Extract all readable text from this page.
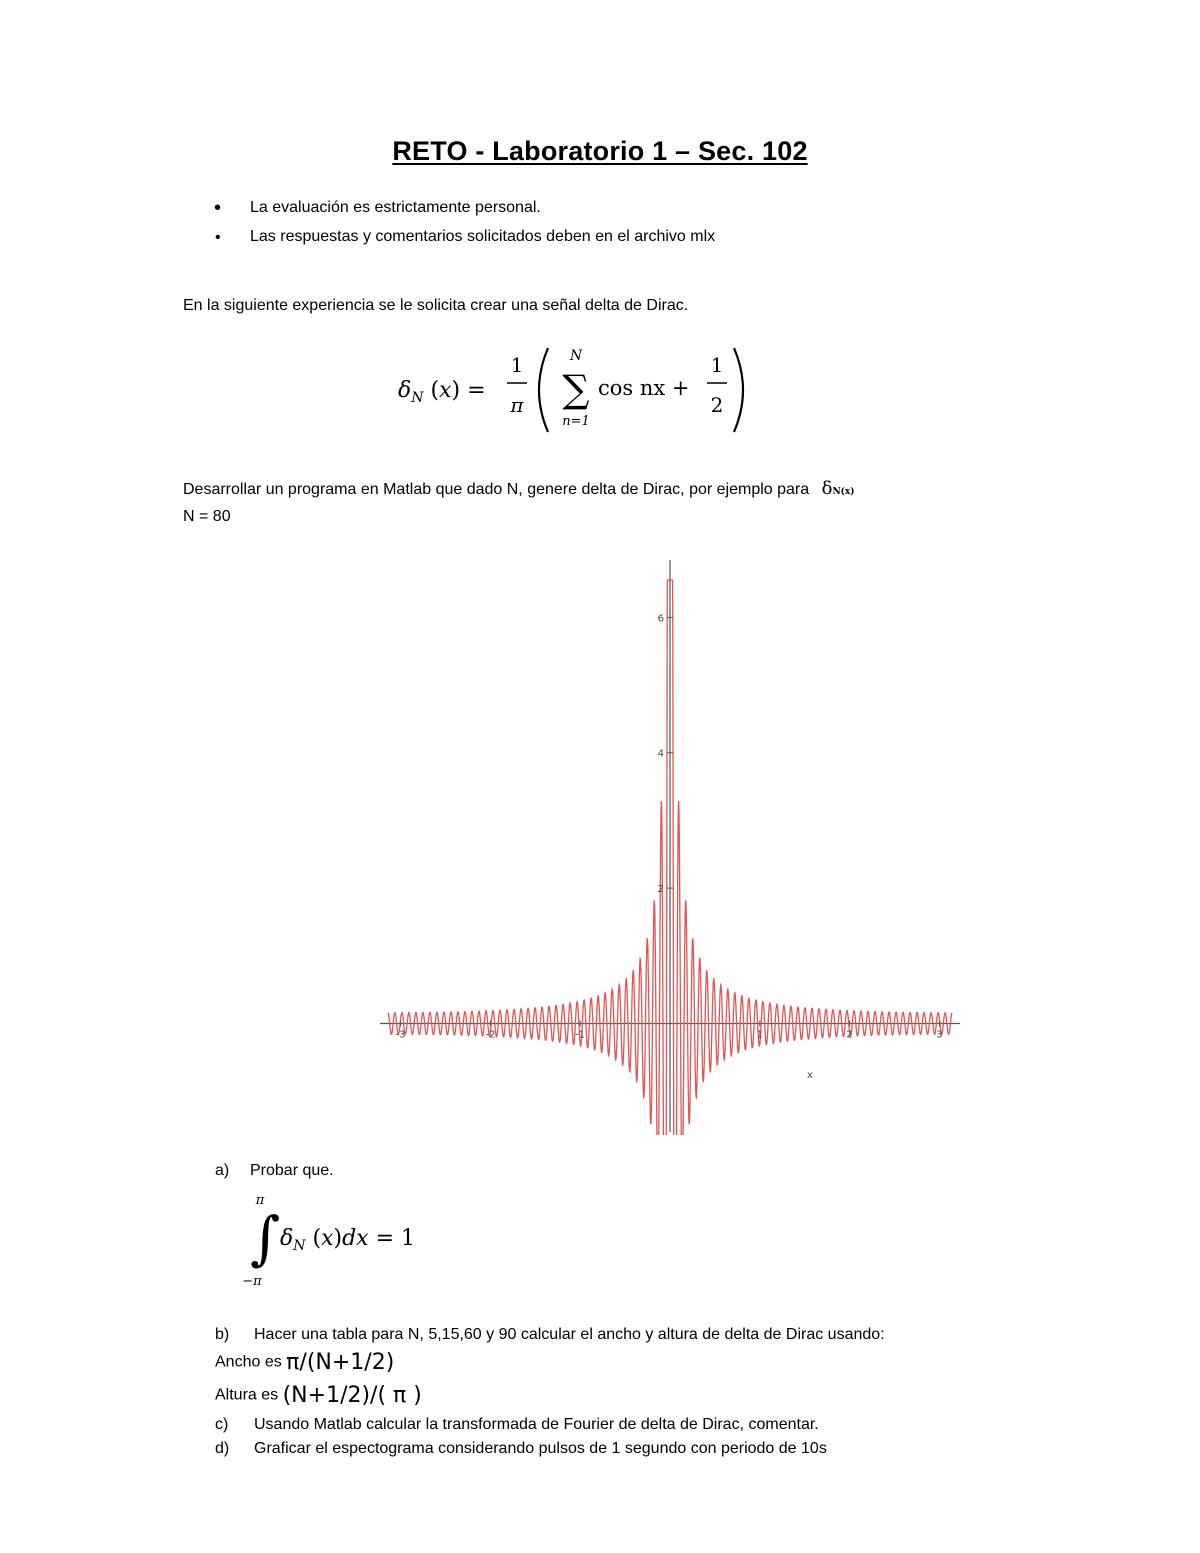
RETO - Laboratorio 1 – Sec. 102
• La evaluación es estrictamente personal.
• Las respuestas y comentarios solicitados deben en el archivo mlx
En la siguiente experiencia se le solicita crear una señal delta de Dirac.
$\delta_N$ (x) =
1
π
N
∑
n=1
cos nx +
1
2
Desarrollar un programa en Matlab que dado N, genere delta de Dirac, por ejemplo para δN(x)
N = 80
-3	-2	-1	1	2	3
2
4
6
x
a) Probar que.
π
∫
−π
$\delta_N$ (x)dx = 1
b) Hacer una tabla para N, 5,15,60 y 90 calcular el ancho y altura de delta de Dirac usando:
Ancho es π/(N+1/2)
Altura es (N+1/2)/( π )
c) Usando Matlab calcular la transformada de Fourier de delta de Dirac, comentar.
d) Graficar el espectograma considerando pulsos de 1 segundo con periodo de 10s
